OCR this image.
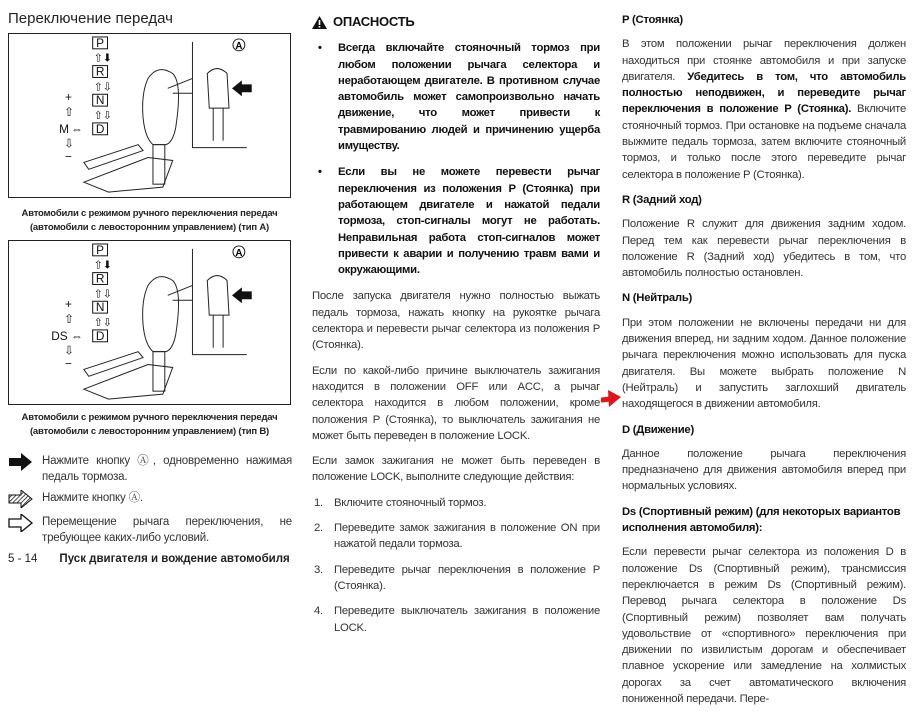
Переключение передач
P
⇧⬇
R
⇧⇩
N
⇧⇩
D
+
⇧
M ⇔
⇩
−
A
Автомобили с режимом ручного переключения передач
(автомобили с левосторонним управлением) (тип А)
P
⇧⬇
R
⇧⇩
N
⇧⇩
D
+
⇧
DS ⇔
⇩
−
A
Автомобили с режимом ручного переключения передач
(автомобили с левосторонним управлением) (тип В)
Нажмите кнопку Ⓐ, одновременно нажимая педаль тормоза.
Нажмите кнопку Ⓐ.
Перемещение рычага переключения, не требующее каких-либо условий.
ОПАСНОСТЬ
• Всегда включайте стояночный тормоз при любом положении рычага селектора и неработающем двигателе. В противном случае автомобиль может самопроизвольно начать движение, что может привести к травмированию людей и причинению ущерба имуществу.
• Если вы не можете перевести рычаг переключения из положения P (Стоянка) при работающем двигателе и нажатой педали тормоза, стоп-сигналы могут не работать. Неправильная работа стоп-сигналов может привести к аварии и получению травм вами и окружающими.

После запуска двигателя нужно полностью выжать педаль тормоза, нажать кнопку на рукоятке рычага селектора и перевести рычаг селектора из положения P (Стоянка).

Если по какой-либо причине выключатель зажигания находится в положении OFF или ACC, а рычаг селектора находится в любом положении, кроме положения P (Стоянка), то выключатель зажигания не может быть переведен в положение LOCK.

Если замок зажигания не может быть переведен в положение LOCK, выполните следующие действия:

1. Включите стояночный тормоз.
2. Переведите замок зажигания в положение ON при нажатой педали тормоза.
3. Переведите рычаг переключения в положение P (Стоянка).
4. Переведите выключатель зажигания в положение LOCK.
P (Стоянка)

В этом положении рычаг переключения должен находиться при стоянке автомобиля и при запуске двигателя. Убедитесь в том, что автомобиль полностью неподвижен, и переведите рычаг переключения в положение P (Стоянка). Включите стояночный тормоз. При остановке на подъеме сначала выжмите педаль тормоза, затем включите стояночный тормоз, и только после этого переведите рычаг селектора в положение P (Стоянка).

R (Задний ход)

Положение R служит для движения задним ходом. Перед тем как перевести рычаг переключения в положение R (Задний ход) убедитесь в том, что автомобиль полностью остановлен.

N (Нейтраль)

При этом положении не включены передачи ни для движения вперед, ни задним ходом. Данное положение рычага переключения можно использовать для пуска двигателя. Вы можете выбрать положение N (Нейтраль) и запустить заглохший двигатель находящегося в движении автомобиля.

D (Движение)

Данное положение рычага переключения предназначено для движения автомобиля вперед при нормальных условиях.

Ds (Спортивный режим) (для некоторых вариантов исполнения автомобиля):

Если перевести рычаг селектора из положения D в положение Ds (Спортивный режим), трансмиссия переключается в режим Ds (Спортивный режим). Перевод рычага селектора в положение Ds (Спортивный режим) позволяет вам получать удовольствие от «спортивного» переключения при движении по извилистым дорогам и обеспечивает плавное ускорение или замедление на холмистых дорогах за счет автоматического включения пониженной передачи. Пере-

5 - 14 Пуск двигателя и вождение автомобиля
